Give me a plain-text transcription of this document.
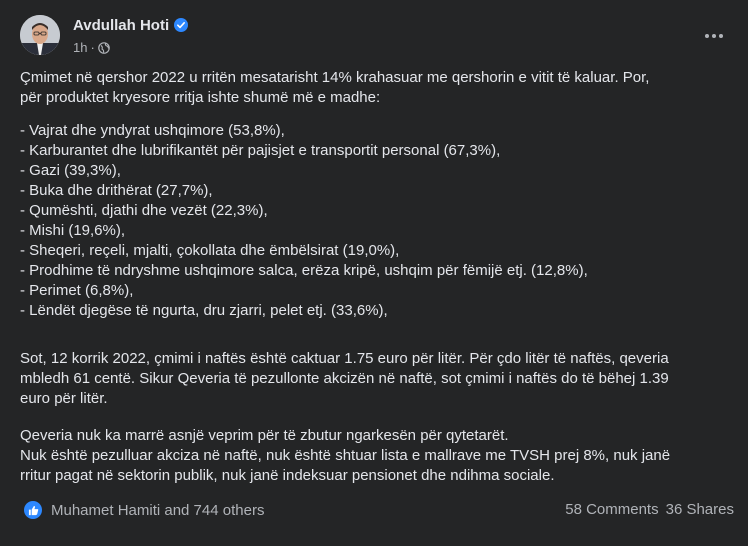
Avdullah Hoti
1h ·
Çmimet në qershor 2022 u rritën mesatarisht 14% krahasuar me qershorin e vitit të kaluar. Por,
për produktet kryesore rritja ishte shumë më e madhe:
- Vajrat dhe yndyrat ushqimore (53,8%),
- Karburantet dhe lubrifikantët për pajisjet e transportit personal (67,3%),
- Gazi (39,3%),
- Buka dhe drithërat (27,7%),
- Qumështi, djathi dhe vezët (22,3%),
- Mishi (19,6%),
- Sheqeri, reçeli, mjalti, çokollata dhe ëmbëlsirat (19,0%),
- Prodhime të ndryshme ushqimore salca, erëza kripë, ushqim për fëmijë etj. (12,8%),
- Perimet (6,8%),
- Lëndët djegëse të ngurta, dru zjarri, pelet etj. (33,6%),
Sot, 12 korrik 2022, çmimi i naftës është caktuar 1.75 euro për litër. Për çdo litër të naftës, qeveria
mbledh 61 centë. Sikur Qeveria të pezullonte akcizën në naftë, sot çmimi i naftës do të bëhej 1.39
euro për litër.
Qeveria nuk ka marrë asnjë veprim për të zbutur ngarkesën për qytetarët.
Nuk është pezulluar akciza në naftë, nuk është shtuar lista e mallrave me TVSH prej 8%, nuk janë
rritur pagat në sektorin publik, nuk janë indeksuar pensionet dhe ndihma sociale.
Muhamet Hamiti and 744 others	58 Comments 36 Shares
